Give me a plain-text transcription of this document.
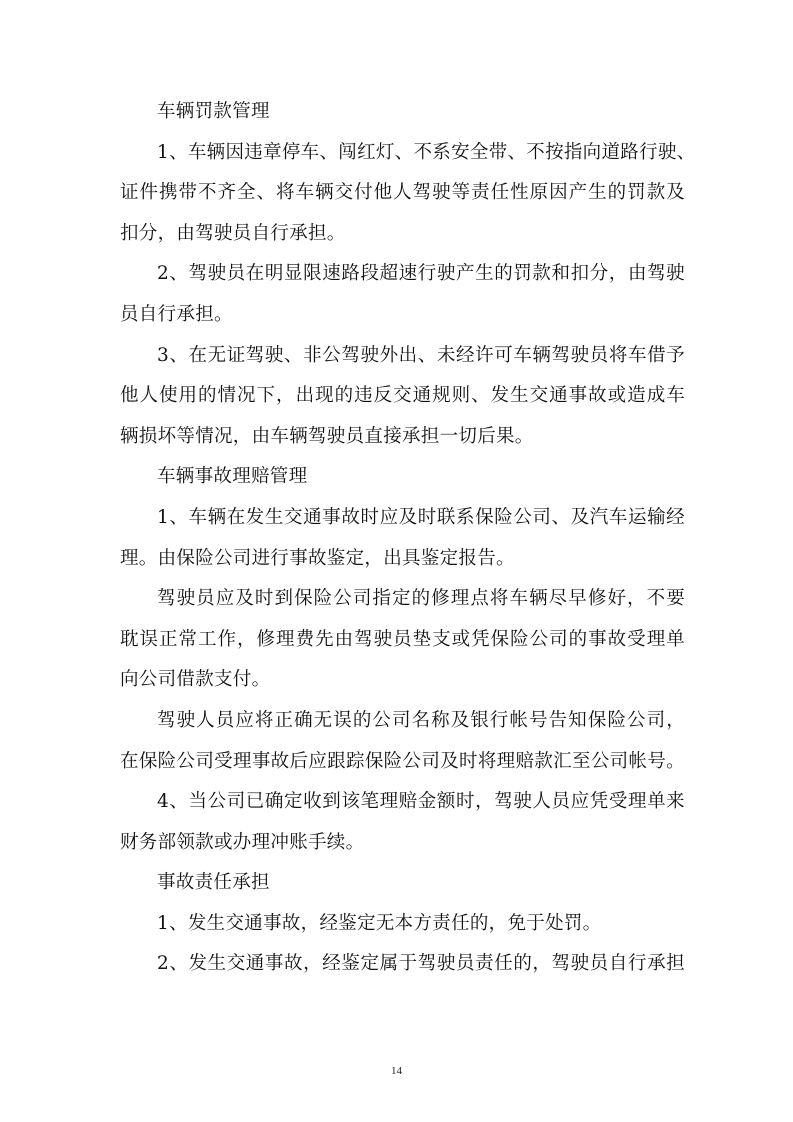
车辆罚款管理
1、车辆因违章停车、闯红灯、不系安全带、不按指向道路行驶、
证件携带不齐全、将车辆交付他人驾驶等责任性原因产生的罚款及
扣分，由驾驶员自行承担。
2、驾驶员在明显限速路段超速行驶产生的罚款和扣分，由驾驶
员自行承担。
3、在无证驾驶、非公驾驶外出、未经许可车辆驾驶员将车借予
他人使用的情况下，出现的违反交通规则、发生交通事故或造成车
辆损坏等情况，由车辆驾驶员直接承担一切后果。
车辆事故理赔管理
1、车辆在发生交通事故时应及时联系保险公司、及汽车运输经
理。由保险公司进行事故鉴定，出具鉴定报告。
驾驶员应及时到保险公司指定的修理点将车辆尽早修好，不要
耽误正常工作，修理费先由驾驶员垫支或凭保险公司的事故受理单
向公司借款支付。
驾驶人员应将正确无误的公司名称及银行帐号告知保险公司，
在保险公司受理事故后应跟踪保险公司及时将理赔款汇至公司帐号。
4、当公司已确定收到该笔理赔金额时，驾驶人员应凭受理单来
财务部领款或办理冲账手续。
事故责任承担
1、发生交通事故，经鉴定无本方责任的，免于处罚。
2、发生交通事故，经鉴定属于驾驶员责任的，驾驶员自行承担
14
